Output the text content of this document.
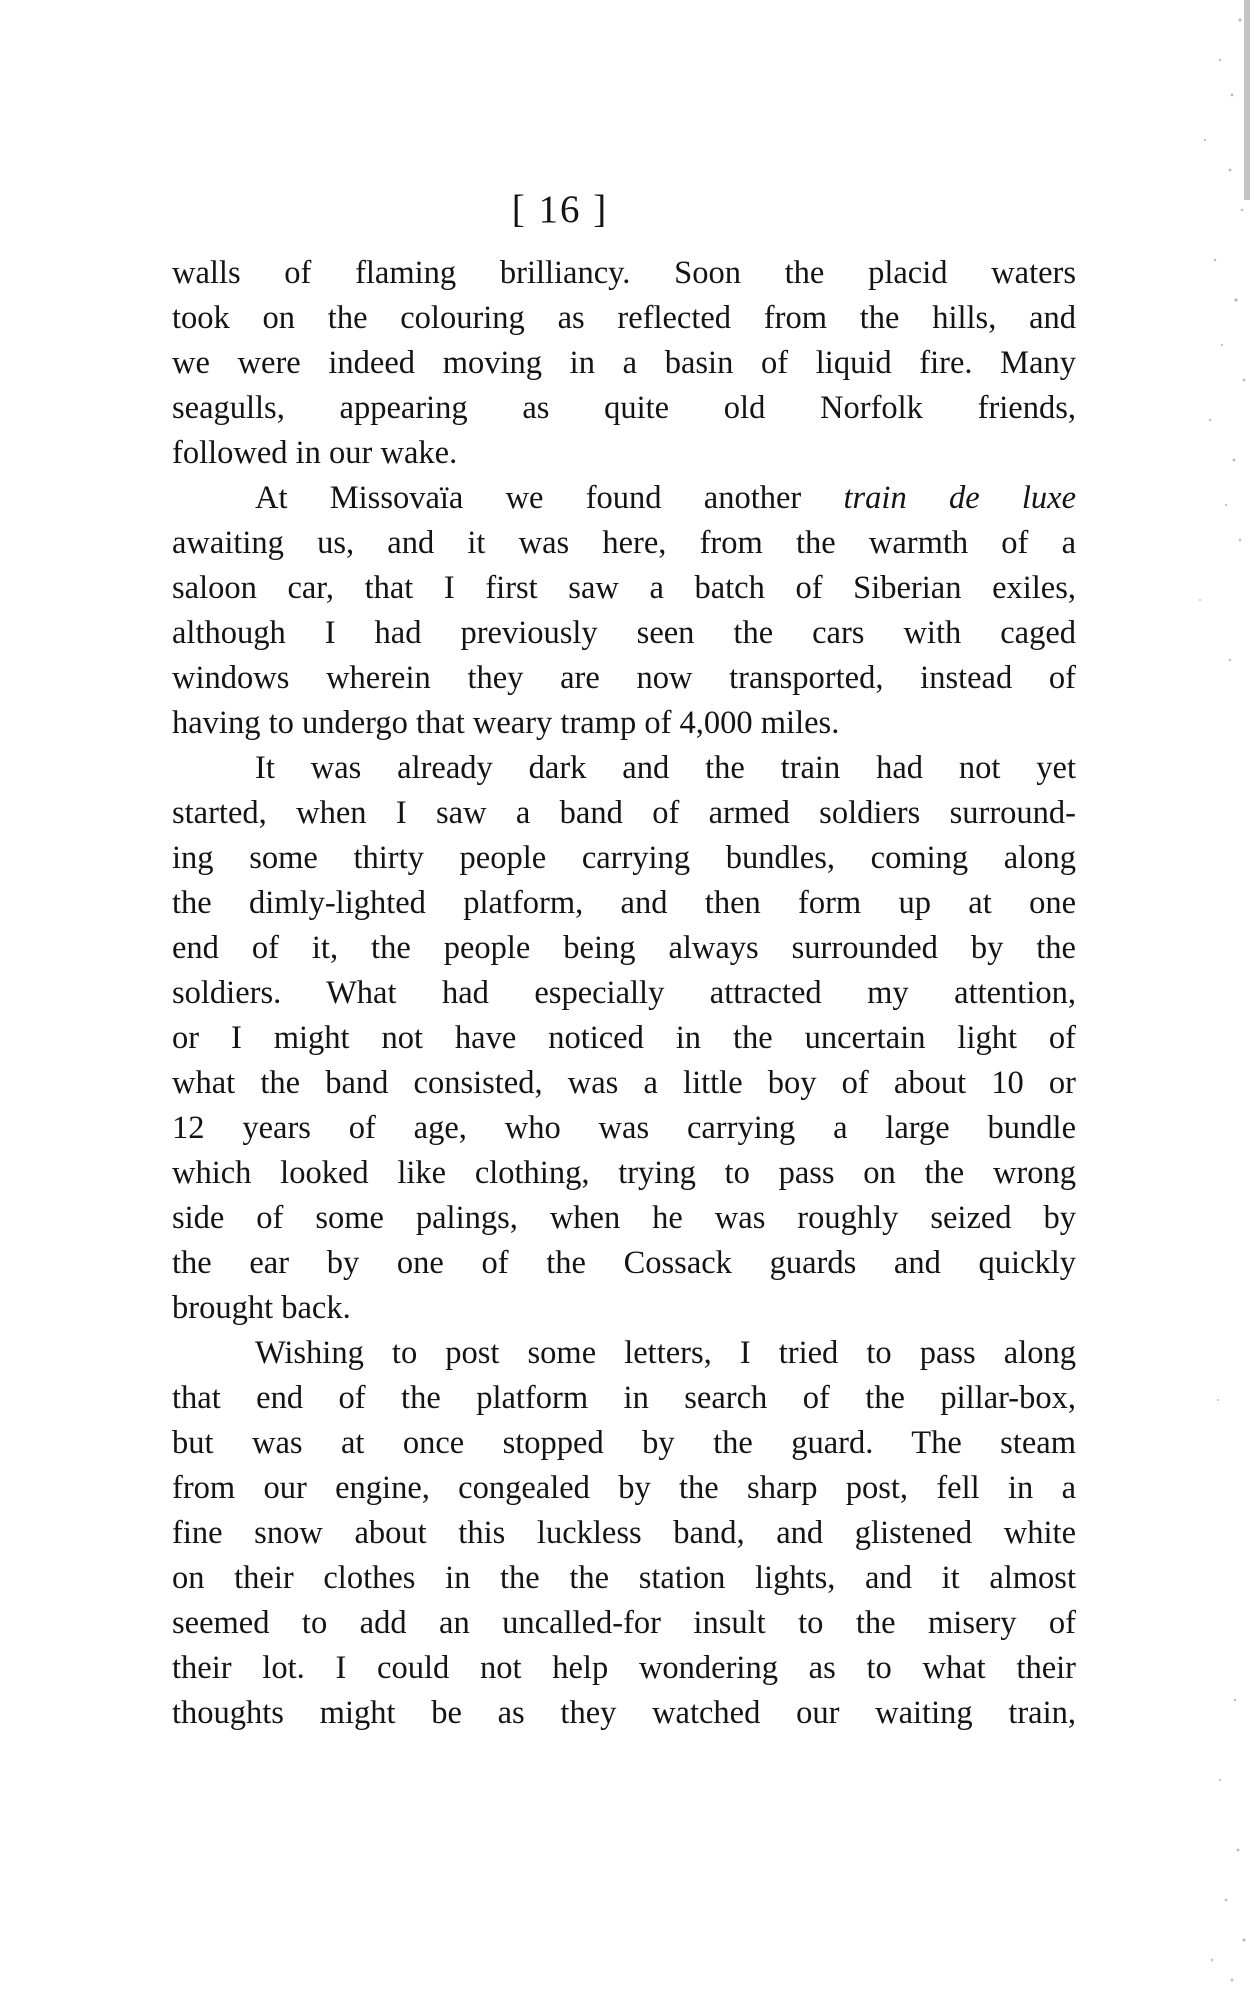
[ 16 ]
walls of flaming brilliancy. Soon the placid waters
took on the colouring as reflected from the hills, and
we were indeed moving in a basin of liquid fire. Many
seagulls, appearing as quite old Norfolk friends,
followed in our wake.
At Missovaïa we found another train de luxe
awaiting us, and it was here, from the warmth of a
saloon car, that I first saw a batch of Siberian exiles,
although I had previously seen the cars with caged
windows wherein they are now transported, instead of
having to undergo that weary tramp of 4,000 miles.
It was already dark and the train had not yet
started, when I saw a band of armed soldiers surround-
ing some thirty people carrying bundles, coming along
the dimly-lighted platform, and then form up at one
end of it, the people being always surrounded by the
soldiers. What had especially attracted my attention,
or I might not have noticed in the uncertain light of
what the band consisted, was a little boy of about 10 or
12 years of age, who was carrying a large bundle
which looked like clothing, trying to pass on the wrong
side of some palings, when he was roughly seized by
the ear by one of the Cossack guards and quickly
brought back.
Wishing to post some letters, I tried to pass along
that end of the platform in search of the pillar-box,
but was at once stopped by the guard. The steam
from our engine, congealed by the sharp post, fell in a
fine snow about this luckless band, and glistened white
on their clothes in the the station lights, and it almost
seemed to add an uncalled-for insult to the misery of
their lot. I could not help wondering as to what their
thoughts might be as they watched our waiting train,
